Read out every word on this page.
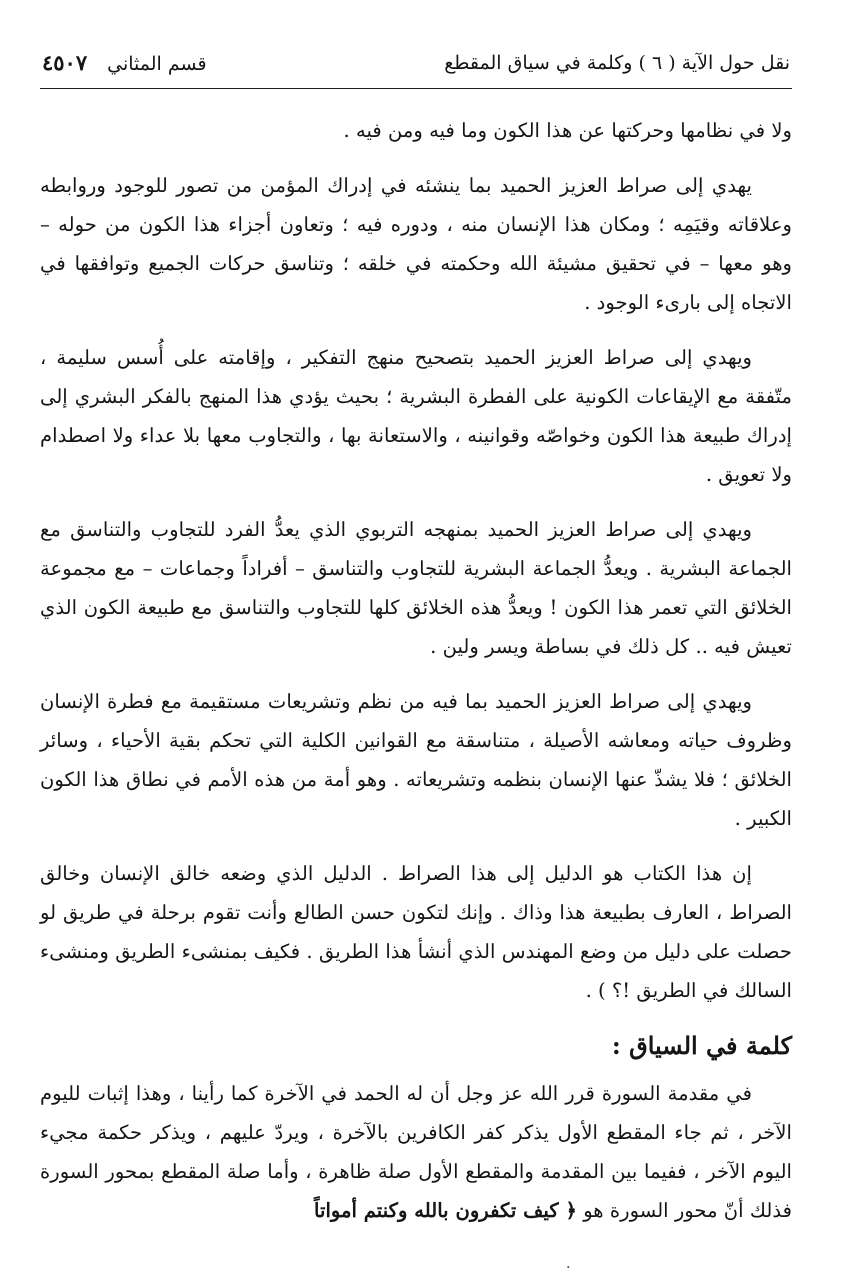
نقل حول الآية ( ٦ ) وكلمة في سياق المقطع
قسم المثاني
٤٥٠٧

ولا في نظامها وحركتها عن هذا الكون وما فيه ومن فيه .

يهدي إلى صراط العزيز الحميد بما ينشئه في إدراك المؤمن من تصور للوجود وروابطه وعلاقاته وقيَمِه ؛ ومكان هذا الإنسان منه ، ودوره فيه ؛ وتعاون أجزاء هذا الكون من حوله – وهو معها – في تحقيق مشيئة الله وحكمته في خلقه ؛ وتناسق حركات الجميع وتوافقها في الاتجاه إلى بارىء الوجود .

ويهدي إلى صراط العزيز الحميد بتصحيح منهج التفكير ، وإقامته على أُسس سليمة ، متّفقة مع الإيقاعات الكونية على الفطرة البشرية ؛ بحيث يؤدي هذا المنهج بالفكر البشري إلى إدراك طبيعة هذا الكون وخواصّه وقوانينه ، والاستعانة بها ، والتجاوب معها بلا عداء ولا اصطدام ولا تعويق .

ويهدي إلى صراط العزيز الحميد بمنهجه التربوي الذي يعدُّ الفرد للتجاوب والتناسق مع الجماعة البشرية . ويعدُّ الجماعة البشرية للتجاوب والتناسق – أفراداً وجماعات – مع مجموعة الخلائق التي تعمر هذا الكون ! ويعدُّ هذه الخلائق كلها للتجاوب والتناسق مع طبيعة الكون الذي تعيش فيه .. كل ذلك في بساطة ويسر ولين .

ويهدي إلى صراط العزيز الحميد بما فيه من نظم وتشريعات مستقيمة مع فطرة الإنسان وظروف حياته ومعاشه الأصيلة ، متناسقة مع القوانين الكلية التي تحكم بقية الأحياء ، وسائر الخلائق ؛ فلا يشذّ عنها الإنسان بنظمه وتشريعاته . وهو أمة من هذه الأمم في نطاق هذا الكون الكبير .

إن هذا الكتاب هو الدليل إلى هذا الصراط . الدليل الذي وضعه خالق الإنسان وخالق الصراط ، العارف بطبيعة هذا وذاك . وإنك لتكون حسن الطالع وأنت تقوم برحلة في طريق لو حصلت على دليل من وضع المهندس الذي أنشأ هذا الطريق . فكيف بمنشىء الطريق ومنشىء السالك في الطريق !؟ ) .

كلمة في السياق :

في مقدمة السورة قرر الله عز وجل أن له الحمد في الآخرة كما رأينا ، وهذا إثبات لليوم الآخر ، ثم جاء المقطع الأول يذكر كفر الكافرين بالآخرة ، ويردّ عليهم ، ويذكر حكمة مجيء اليوم الآخر ، ففيما بين المقدمة والمقطع الأول صلة ظاهرة ، وأما صلة المقطع بمحور السورة فذلك أنّ محور السورة هو ﴿ كيف تكفرون بالله وكنتم أمواتاً

.
